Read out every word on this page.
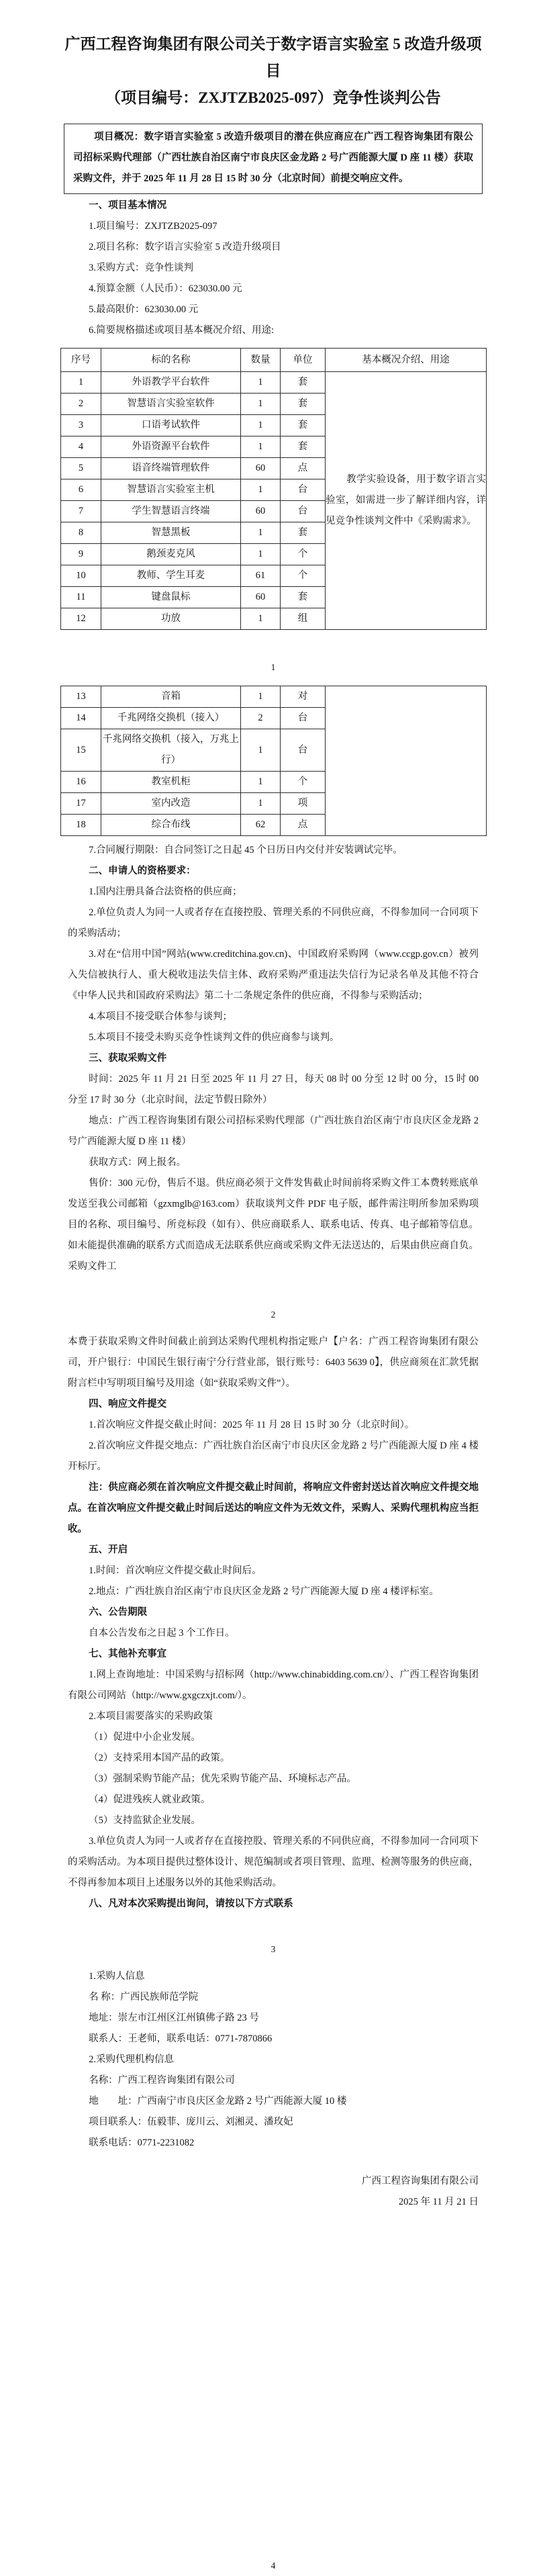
广西工程咨询集团有限公司关于数字语言实验室 5 改造升级项目
（项目编号：ZXJTZB2025-097）竞争性谈判公告

项目概况：数字语言实验室 5 改造升级项目的潜在供应商应在广西工程咨询集团有限公司招标采购代理部（广西壮族自治区南宁市良庆区金龙路 2 号广西能源大厦 D 座 11 楼）获取采购文件，并于 2025 年 11 月 28 日 15 时 30 分（北京时间）前提交响应文件。

一、项目基本情况

1.项目编号：ZXJTZB2025-097

2.项目名称：数字语言实验室 5 改造升级项目

3.采购方式：竞争性谈判

4.预算金额（人民币）：623030.00 元

5.最高限价：623030.00 元

6.简要规格描述或项目基本概况介绍、用途:

序号	标的名称	数量	单位	基本概况介绍、用途
1	外语教学平台软件	1	套	教学实验设备，用于数字语言实验室，如需进一步了解详细内容，详见竞争性谈判文件中《采购需求》。

2	智慧语言实验室软件	1	套	
3	口语考试软件	1	套	
4	外语资源平台软件	1	套	
5	语音终端管理软件	60	点	
6	智慧语言实验室主机	1	台	
7	学生智慧语言终端	60	台	
8	智慧黑板	1	套	
9	鹅颈麦克风	1	个	
10	教师、学生耳麦	61	个	
11	键盘鼠标	60	套	
12	功放	1	组	

1

13	音箱	1	对	
14	千兆网络交换机（接入）	2	台	
15	千兆网络交换机（接入，万兆上行）	1	台	
16	教室机柜	1	个	
17	室内改造	1	项	
18	综合布线	62	点	

7.合同履行期限：自合同签订之日起 45 个日历日内交付并安装调试完毕。

二、申请人的资格要求：

1.国内注册具备合法资格的供应商；

2.单位负责人为同一人或者存在直接控股、管理关系的不同供应商，不得参加同一合同项下的采购活动；

3.对在“信用中国”网站(www.creditchina.gov.cn)、中国政府采购网（www.ccgp.gov.cn）被列入失信被执行人、重大税收违法失信主体、政府采购严重违法失信行为记录名单及其他不符合《中华人民共和国政府采购法》第二十二条规定条件的供应商，不得参与采购活动；

4.本项目不接受联合体参与谈判；

5.本项目不接受未购买竞争性谈判文件的供应商参与谈判。

三、获取采购文件

时间：2025 年 11 月 21 日至 2025 年 11 月 27 日，每天 08 时 00 分至 12 时 00 分，15 时 00 分至 17 时 30 分（北京时间，法定节假日除外）

地点：广西工程咨询集团有限公司招标采购代理部（广西壮族自治区南宁市良庆区金龙路 2 号广西能源大厦 D 座 11 楼）

获取方式：网上报名。

售价：300 元/份，售后不退。供应商必须于文件发售截止时间前将采购文件工本费转账底单发送至我公司邮箱（gzxmglb@163.com）获取谈判文件 PDF 电子版，邮件需注明所参加采购项目的名称、项目编号、所竞标段（如有）、供应商联系人、联系电话、传真、电子邮箱等信息。如未能提供准确的联系方式而造成无法联系供应商或采购文件无法送达的，后果由供应商自负。采购文件工

2

本费于获取采购文件时间截止前到达采购代理机构指定账户【户名：广西工程咨询集团有限公司，开户银行：中国民生银行南宁分行营业部，银行账号：6403 5639 0】，供应商须在汇款凭据附言栏中写明项目编号及用途（如“获取采购文件”）。

四、响应文件提交

1.首次响应文件提交截止时间：2025 年 11 月 28 日 15 时 30 分（北京时间）。

2.首次响应文件提交地点：广西壮族自治区南宁市良庆区金龙路 2 号广西能源大厦 D 座 4 楼开标厅。

注：供应商必须在首次响应文件提交截止时间前，将响应文件密封送达首次响应文件提交地点。在首次响应文件提交截止时间后送达的响应文件为无效文件，采购人、采购代理机构应当拒收。

五、开启

1.时间：首次响应文件提交截止时间后。

2.地点：广西壮族自治区南宁市良庆区金龙路 2 号广西能源大厦 D 座 4 楼评标室。

六、公告期限

自本公告发布之日起 3 个工作日。

七、其他补充事宜

1.网上查询地址：中国采购与招标网（http://www.chinabidding.com.cn/）、广西工程咨询集团有限公司网站（http://www.gxgczxjt.com/）。

2.本项目需要落实的采购政策

（1）促进中小企业发展。

（2）支持采用本国产品的政策。

（3）强制采购节能产品；优先采购节能产品、环境标志产品。

（4）促进残疾人就业政策。

（5）支持监狱企业发展。

3.单位负责人为同一人或者存在直接控股、管理关系的不同供应商，不得参加同一合同项下的采购活动。为本项目提供过整体设计、规范编制或者项目管理、监理、检测等服务的供应商，不得再参加本项目上述服务以外的其他采购活动。

八、凡对本次采购提出询问，请按以下方式联系

3

1.采购人信息

名 称：广西民族师范学院

地址：崇左市江州区江州镇佛子路 23 号

联系人：王老师，联系电话：0771-7870866

2.采购代理机构信息

名称：广西工程咨询集团有限公司

地　　址：广西南宁市良庆区金龙路 2 号广西能源大厦 10 楼

项目联系人：伍毅菲、庞川云、刘湘灵、潘玫妃

联系电话：0771-2231082

广西工程咨询集团有限公司

2025 年 11 月 21 日

4
